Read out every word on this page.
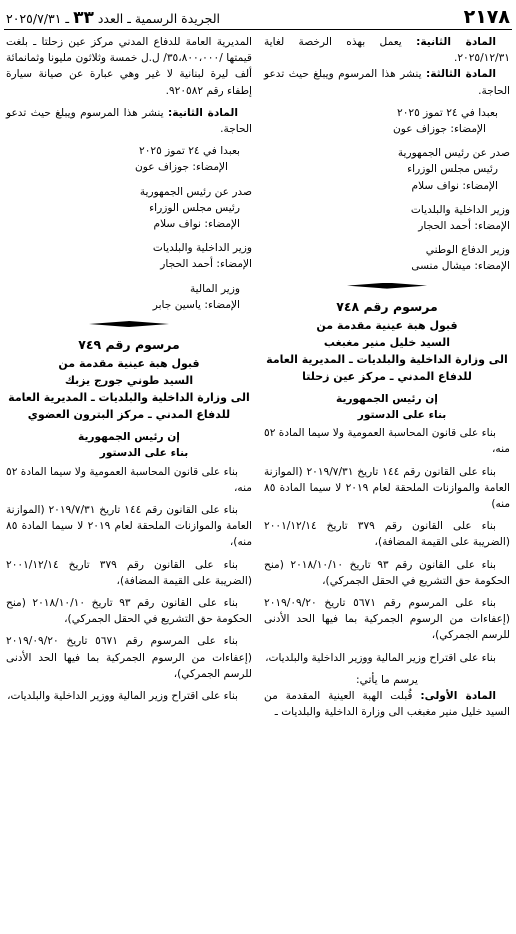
٢١٧٨
الجريدة الرسمية ـ العدد ٣٣ ـ ٢٠٢٥/٧/٣١

المادة الثانية: يعمل بهذه الرخصة لغاية ٢٠٢٥/١٢/٣١.

المادة الثالثة: ينشر هذا المرسوم ويبلغ حيث تدعو الحاجة.

بعبدا في ٢٤ تموز ٢٠٢٥
الإمضاء: جوزاف عون
صدر عن رئيس الجمهورية
رئيس مجلس الوزراء
الإمضاء: نواف سلام
وزير الداخلية والبلديات
الإمضاء: أحمد الحجار
وزير الدفاع الوطني
الإمضاء: ميشال منسى
مرسوم رقم ٧٤٨
قبول هبة عينية مقدمة من
السيد خليل منير مغبغب
الى وزارة الداخلية والبلديات ـ المديرية العامة
للدفاع المدني ـ مركز عين زحلتا
إن رئيس الجمهورية
بناء على الدستور

بناء على قانون المحاسبة العمومية ولا سيما المادة ٥٢ منه،

بناء على القانون رقم ١٤٤ تاريخ ٢٠١٩/٧/٣١ (الموازنة العامة والموازنات الملحقة لعام ٢٠١٩ لا سيما المادة ٨٥ منه)

بناء على القانون رقم ٣٧٩ تاريخ ٢٠٠١/١٢/١٤ (الضريبة على القيمة المضافة)،

بناء على القانون رقم ٩٣ تاريخ ٢٠١٨/١٠/١٠ (منح الحكومة حق التشريع في الحقل الجمركي)،

بناء على المرسوم رقم ٥٦٧١ تاريخ ٢٠١٩/٠٩/٢٠ (إعفاءات من الرسوم الجمركية بما فيها الحد الأدنى للرسم الجمركي)،

بناء على اقتراح وزير المالية ووزير الداخلية والبلديات،

يرسم ما يأتي:

المادة الأولى: قُبلت الهبة العينية المقدمة من السيد خليل منير مغبغب الى وزارة الداخلية والبلديات ـ

المديرية العامة للدفاع المدني مركز عين زحلتا ـ بلغت قيمتها /٣٥،٨٠٠،٠٠٠/ ل.ل خمسة وثلاثون مليونا وثمانمائة ألف ليرة لبنانية لا غير وهي عبارة عن صيانة سيارة إطفاء رقم ٩٢٠٥٨٢.

المادة الثانية: ينشر هذا المرسوم ويبلغ حيث تدعو الحاجة.

بعبدا في ٢٤ تموز ٢٠٢٥
الإمضاء: جوزاف عون
صدر عن رئيس الجمهورية
رئيس مجلس الوزراء
الإمضاء: نواف سلام
وزير الداخلية والبلديات
الإمضاء: أحمد الحجار
وزير المالية
الإمضاء: ياسين جابر
مرسوم رقم ٧٤٩
قبول هبة عينية مقدمة من
السيد طوني جورج يزبك
الى وزارة الداخلية والبلديات ـ المديرية العامة
للدفاع المدني ـ مركز البترون العضوي
إن رئيس الجمهورية
بناء على الدستور

بناء على قانون المحاسبة العمومية ولا سيما المادة ٥٢ منه،

بناء على القانون رقم ١٤٤ تاريخ ٢٠١٩/٧/٣١ (الموازنة العامة والموازنات الملحقة لعام ٢٠١٩ لا سيما المادة ٨٥ منه)،

بناء على القانون رقم ٣٧٩ تاريخ ٢٠٠١/١٢/١٤ (الضريبة على القيمة المضافة)،

بناء على القانون رقم ٩٣ تاريخ ٢٠١٨/١٠/١٠ (منح الحكومة حق التشريع في الحقل الجمركي)،

بناء على المرسوم رقم ٥٦٧١ تاريخ ٢٠١٩/٠٩/٢٠ (إعفاءات من الرسوم الجمركية بما فيها الحد الأدنى للرسم الجمركي)،

بناء على اقتراح وزير المالية ووزير الداخلية والبلديات،
